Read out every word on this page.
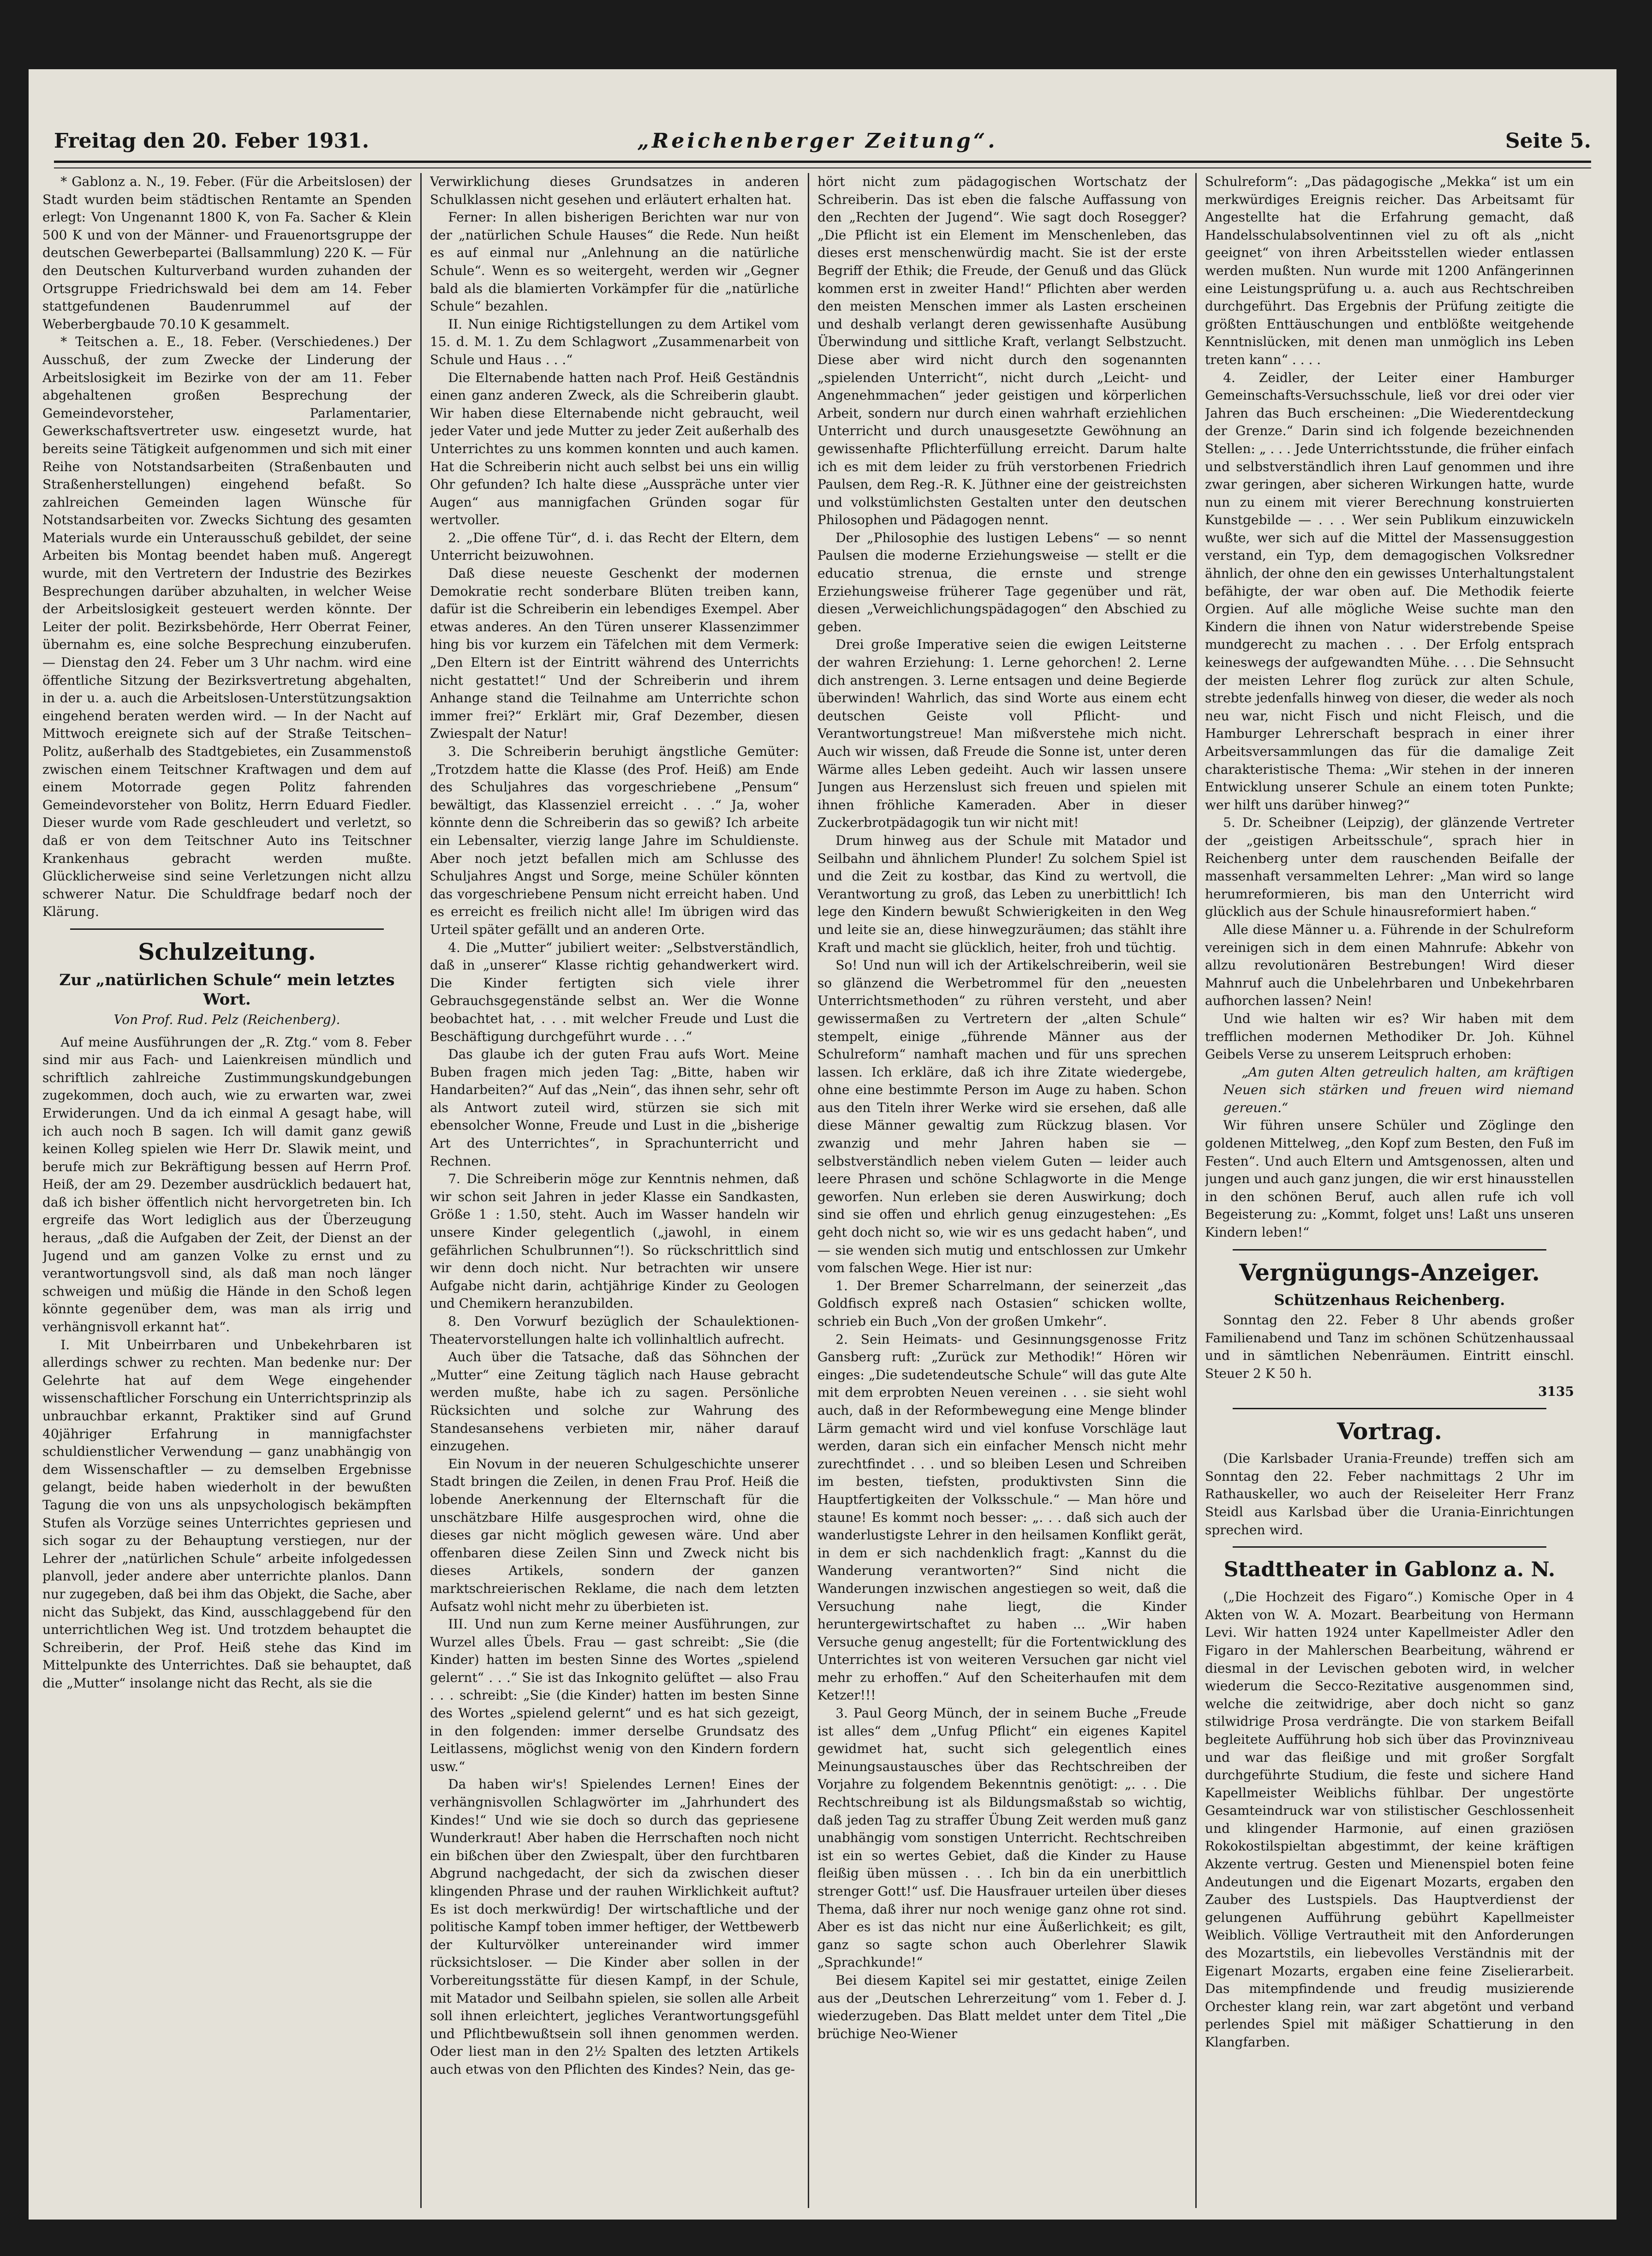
Freitag den 20. Feber 1931.	„Reichenberger Zeitung“.	Seite 5.

* Gablonz a. N., 19. Feber. (Für die Arbeitslosen) der Stadt wurden beim städtischen Rentamte an Spenden erlegt: Von Ungenannt 1800 K, von Fa. Sacher & Klein 500 K und von der Männer- und Frauenortsgruppe der deutschen Gewerbepartei (Ballsammlung) 220 K. — Für den Deutschen Kulturverband wurden zuhanden der Ortsgruppe Friedrichswald bei dem am 14. Feber stattgefundenen Baudenrummel auf der Weberbergbaude 70.10 K gesammelt.

* Teitschen a. E., 18. Feber. (Verschiedenes.) Der Ausschuß, der zum Zwecke der Linderung der Arbeitslosigkeit im Bezirke von der am 11. Feber abgehaltenen großen Besprechung der Gemeindevorsteher, Parlamentarier, Gewerkschaftsvertreter usw. eingesetzt wurde, hat bereits seine Tätigkeit aufgenommen und sich mit einer Reihe von Notstandsarbeiten (Straßenbauten und Straßenherstellungen) eingehend befaßt. So zahlreichen Gemeinden lagen Wünsche für Notstandsarbeiten vor. Zwecks Sichtung des gesamten Materials wurde ein Unterausschuß gebildet, der seine Arbeiten bis Montag beendet haben muß. Angeregt wurde, mit den Vertretern der Industrie des Bezirkes Besprechungen darüber abzuhalten, in welcher Weise der Arbeitslosigkeit gesteuert werden könnte. Der Leiter der polit. Bezirksbehörde, Herr Oberrat Feiner, übernahm es, eine solche Besprechung einzuberufen. — Dienstag den 24. Feber um 3 Uhr nachm. wird eine öffentliche Sitzung der Bezirksvertretung abgehalten, in der u. a. auch die Arbeitslosen-Unterstützungsaktion eingehend beraten werden wird. — In der Nacht auf Mittwoch ereignete sich auf der Straße Teitschen–Politz, außerhalb des Stadtgebietes, ein Zusammenstoß zwischen einem Teitschner Kraftwagen und dem auf einem Motorrade gegen Politz fahrenden Gemeindevorsteher von Bolitz, Herrn Eduard Fiedler. Dieser wurde vom Rade geschleudert und verletzt, so daß er von dem Teitschner Auto ins Teitschner Krankenhaus gebracht werden mußte. Glücklicherweise sind seine Verletzungen nicht allzu schwerer Natur. Die Schuldfrage bedarf noch der Klärung.

Schulzeitung.
Zur „natürlichen Schule“ mein letztes Wort.

Von Prof. Rud. Pelz (Reichenberg).

Auf meine Ausführungen der „R. Ztg.“ vom 8. Feber sind mir aus Fach- und Laienkreisen mündlich und schriftlich zahlreiche Zustimmungskundgebungen zugekommen, doch auch, wie zu erwarten war, zwei Erwiderungen. Und da ich einmal A gesagt habe, will ich auch noch B sagen. Ich will damit ganz gewiß keinen Kolleg spielen wie Herr Dr. Slawik meint, und berufe mich zur Bekräftigung bessen auf Herrn Prof. Heiß, der am 29. Dezember ausdrücklich bedauert hat, daß ich bisher öffentlich nicht hervorgetreten bin. Ich ergreife das Wort lediglich aus der Überzeugung heraus, „daß die Aufgaben der Zeit, der Dienst an der Jugend und am ganzen Volke zu ernst und zu verantwortungsvoll sind, als daß man noch länger schweigen und müßig die Hände in den Schoß legen könnte gegenüber dem, was man als irrig und verhängnisvoll erkannt hat“.

I. Mit Unbeirrbaren und Unbekehrbaren ist allerdings schwer zu rechten. Man bedenke nur: Der Gelehrte hat auf dem Wege eingehender wissenschaftlicher Forschung ein Unterrichtsprinzip als unbrauchbar erkannt, Praktiker sind auf Grund 40jähriger Erfahrung in mannigfachster schuldienstlicher Verwendung — ganz unabhängig von dem Wissenschaftler — zu demselben Ergebnisse gelangt, beide haben wiederholt in der bewußten Tagung die von uns als unpsychologisch bekämpften Stufen als Vorzüge seines Unterrichtes gepriesen und sich sogar zu der Behauptung verstiegen, nur der Lehrer der „natürlichen Schule“ arbeite infolgedessen planvoll, jeder andere aber unterrichte planlos. Dann nur zugegeben, daß bei ihm das Objekt, die Sache, aber nicht das Subjekt, das Kind, ausschlaggebend für den unterrichtlichen Weg ist. Und trotzdem behauptet die Schreiberin, der Prof. Heiß stehe das Kind im Mittelpunkte des Unterrichtes. Daß sie behauptet, daß die „Mutter“ insolange nicht das Recht, als sie die

Verwirklichung dieses Grundsatzes in anderen Schulklassen nicht gesehen und erläutert erhalten hat.

Ferner: In allen bisherigen Berichten war nur von der „natürlichen Schule Hauses“ die Rede. Nun heißt es auf einmal nur „Anlehnung an die natürliche Schule“. Wenn es so weitergeht, werden wir „Gegner bald als die blamierten Vorkämpfer für die „natürliche Schule“ bezahlen.

II. Nun einige Richtigstellungen zu dem Artikel vom 15. d. M. 1. Zu dem Schlagwort „Zusammenarbeit von Schule und Haus . . .“

Die Elternabende hatten nach Prof. Heiß Geständnis einen ganz anderen Zweck, als die Schreiberin glaubt. Wir haben diese Elternabende nicht gebraucht, weil jeder Vater und jede Mutter zu jeder Zeit außerhalb des Unterrichtes zu uns kommen konnten und auch kamen. Hat die Schreiberin nicht auch selbst bei uns ein willig Ohr gefunden? Ich halte diese „Ausspräche unter vier Augen“ aus mannigfachen Gründen sogar für wertvoller.

2. „Die offene Tür“, d. i. das Recht der Eltern, dem Unterricht beizuwohnen.

Daß diese neueste Geschenkt der modernen Demokratie recht sonderbare Blüten treiben kann, dafür ist die Schreiberin ein lebendiges Exempel. Aber etwas anderes. An den Türen unserer Klassenzimmer hing bis vor kurzem ein Täfelchen mit dem Vermerk: „Den Eltern ist der Eintritt während des Unterrichts nicht gestattet!“ Und der Schreiberin und ihrem Anhange stand die Teilnahme am Unterrichte schon immer frei?“ Erklärt mir, Graf Dezember, diesen Zwiespalt der Natur!

3. Die Schreiberin beruhigt ängstliche Gemüter: „Trotzdem hatte die Klasse (des Prof. Heiß) am Ende des Schuljahres das vorgeschriebene „Pensum“ bewältigt, das Klassenziel erreicht . . .“ Ja, woher könnte denn die Schreiberin das so gewiß? Ich arbeite ein Lebensalter, vierzig lange Jahre im Schuldienste. Aber noch jetzt befallen mich am Schlusse des Schuljahres Angst und Sorge, meine Schüler könnten das vorgeschriebene Pensum nicht erreicht haben. Und es erreicht es freilich nicht alle! Im übrigen wird das Urteil später gefällt und an anderen Orte.

4. Die „Mutter“ jubiliert weiter: „Selbstverständlich, daß in „unserer“ Klasse richtig gehandwerkert wird. Die Kinder fertigten sich viele ihrer Gebrauchsgegenstände selbst an. Wer die Wonne beobachtet hat, . . . mit welcher Freude und Lust die Beschäftigung durchgeführt wurde . . .“

Das glaube ich der guten Frau aufs Wort. Meine Buben fragen mich jeden Tag: „Bitte, haben wir Handarbeiten?“ Auf das „Nein“, das ihnen sehr, sehr oft als Antwort zuteil wird, stürzen sie sich mit ebensolcher Wonne, Freude und Lust in die „bisherige Art des Unterrichtes“, in Sprachunterricht und Rechnen.

7. Die Schreiberin möge zur Kenntnis nehmen, daß wir schon seit Jahren in jeder Klasse ein Sandkasten, Größe 1 : 1.50, steht. Auch im Wasser handeln wir unsere Kinder gelegentlich („jawohl, in einem gefährlichen Schulbrunnen“!). So rückschrittlich sind wir denn doch nicht. Nur betrachten wir unsere Aufgabe nicht darin, achtjährige Kinder zu Geologen und Chemikern heranzubilden.

8. Den Vorwurf bezüglich der Schaulektionen-Theatervorstellungen halte ich vollinhaltlich aufrecht.

Auch über die Tatsache, daß das Söhnchen der „Mutter“ eine Zeitung täglich nach Hause gebracht werden mußte, habe ich zu sagen. Persönliche Rücksichten und solche zur Wahrung des Standesansehens verbieten mir, näher darauf einzugehen.

Ein Novum in der neueren Schulgeschichte unserer Stadt bringen die Zeilen, in denen Frau Prof. Heiß die lobende Anerkennung der Elternschaft für die unschätzbare Hilfe ausgesprochen wird, ohne die dieses gar nicht möglich gewesen wäre. Und aber offenbaren diese Zeilen Sinn und Zweck nicht bis dieses Artikels, sondern der ganzen marktschreierischen Reklame, die nach dem letzten Aufsatz wohl nicht mehr zu überbieten ist.

III. Und nun zum Kerne meiner Ausführungen, zur Wurzel alles Übels. Frau — gast schreibt: „Sie (die Kinder) hatten im besten Sinne des Wortes „spielend gelernt“ . . .“ Sie ist das Inkognito gelüftet — also Frau . . . schreibt: „Sie (die Kinder) hatten im besten Sinne des Wortes „spielend gelernt“ und es hat sich gezeigt, in den folgenden: immer derselbe Grundsatz des Leitlassens, möglichst wenig von den Kindern fordern usw.“

Da haben wir's! Spielendes Lernen! Eines der verhängnisvollen Schlagwörter im „Jahrhundert des Kindes!“ Und wie sie doch so durch das gepriesene Wunderkraut! Aber haben die Herrschaften noch nicht ein bißchen über den Zwiespalt, über den furchtbaren Abgrund nachgedacht, der sich da zwischen dieser klingenden Phrase und der rauhen Wirklichkeit auftut? Es ist doch merkwürdig! Der wirtschaftliche und der politische Kampf toben immer heftiger, der Wettbewerb der Kulturvölker untereinander wird immer rücksichtsloser. — Die Kinder aber sollen in der Vorbereitungsstätte für diesen Kampf, in der Schule, mit Matador und Seilbahn spielen, sie sollen alle Arbeit soll ihnen erleichtert, jegliches Verantwortungsgefühl und Pflichtbewußtsein soll ihnen genommen werden. Oder liest man in den 2½ Spalten des letzten Artikels auch etwas von den Pflichten des Kindes? Nein, das ge-

hört nicht zum pädagogischen Wortschatz der Schreiberin. Das ist eben die falsche Auffassung von den „Rechten der Jugend“. Wie sagt doch Rosegger? „Die Pflicht ist ein Element im Menschenleben, das dieses erst menschenwürdig macht. Sie ist der erste Begriff der Ethik; die Freude, der Genuß und das Glück kommen erst in zweiter Hand!“ Pflichten aber werden den meisten Menschen immer als Lasten erscheinen und deshalb verlangt deren gewissenhafte Ausübung Überwindung und sittliche Kraft, verlangt Selbstzucht. Diese aber wird nicht durch den sogenannten „spielenden Unterricht“, nicht durch „Leicht- und Angenehmmachen“ jeder geistigen und körperlichen Arbeit, sondern nur durch einen wahrhaft erziehlichen Unterricht und durch unausgesetzte Gewöhnung an gewissenhafte Pflichterfüllung erreicht. Darum halte ich es mit dem leider zu früh verstorbenen Friedrich Paulsen, dem Reg.-R. K. Jüthner eine der geistreichsten und volkstümlichsten Gestalten unter den deutschen Philosophen und Pädagogen nennt.

Der „Philosophie des lustigen Lebens“ — so nennt Paulsen die moderne Erziehungsweise — stellt er die educatio strenua, die ernste und strenge Erziehungsweise früherer Tage gegenüber und rät, diesen „Verweichlichungspädagogen“ den Abschied zu geben.

Drei große Imperative seien die ewigen Leitsterne der wahren Erziehung: 1. Lerne gehorchen! 2. Lerne dich anstrengen. 3. Lerne entsagen und deine Begierde überwinden! Wahrlich, das sind Worte aus einem echt deutschen Geiste voll Pflicht- und Verantwortungstreue! Man mißverstehe mich nicht. Auch wir wissen, daß Freude die Sonne ist, unter deren Wärme alles Leben gedeiht. Auch wir lassen unsere Jungen aus Herzenslust sich freuen und spielen mit ihnen fröhliche Kameraden. Aber in dieser Zuckerbrotpädagogik tun wir nicht mit!

Drum hinweg aus der Schule mit Matador und Seilbahn und ähnlichem Plunder! Zu solchem Spiel ist und die Zeit zu kostbar, das Kind zu wertvoll, die Verantwortung zu groß, das Leben zu unerbittlich! Ich lege den Kindern bewußt Schwierigkeiten in den Weg und leite sie an, diese hinwegzuräumen; das stählt ihre Kraft und macht sie glücklich, heiter, froh und tüchtig.

So! Und nun will ich der Artikelschreiberin, weil sie so glänzend die Werbetrommel für den „neuesten Unterrichtsmethoden“ zu rühren versteht, und aber gewissermaßen zu Vertretern der „alten Schule“ stempelt, einige „führende Männer aus der Schulreform“ namhaft machen und für uns sprechen lassen. Ich erkläre, daß ich ihre Zitate wiedergebe, ohne eine bestimmte Person im Auge zu haben. Schon aus den Titeln ihrer Werke wird sie ersehen, daß alle diese Männer gewaltig zum Rückzug blasen. Vor zwanzig und mehr Jahren haben sie — selbstverständlich neben vielem Guten — leider auch leere Phrasen und schöne Schlagworte in die Menge geworfen. Nun erleben sie deren Auswirkung; doch sind sie offen und ehrlich genug einzugestehen: „Es geht doch nicht so, wie wir es uns gedacht haben“, und — sie wenden sich mutig und entschlossen zur Umkehr vom falschen Wege. Hier ist nur:

1. Der Bremer Scharrelmann, der seinerzeit „das Goldfisch expreß nach Ostasien“ schicken wollte, schrieb ein Buch „Von der großen Umkehr“.

2. Sein Heimats- und Gesinnungsgenosse Fritz Gansberg ruft: „Zurück zur Methodik!“ Hören wir einges: „Die sudetendeutsche Schule“ will das gute Alte mit dem erprobten Neuen vereinen . . . sie sieht wohl auch, daß in der Reformbewegung eine Menge blinder Lärm gemacht wird und viel konfuse Vorschläge laut werden, daran sich ein einfacher Mensch nicht mehr zurechtfindet . . . und so bleiben Lesen und Schreiben im besten, tiefsten, produktivsten Sinn die Hauptfertigkeiten der Volksschule.“ — Man höre und staune! Es kommt noch besser: „. . . daß sich auch der wanderlustigste Lehrer in den heilsamen Konflikt gerät, in dem er sich nachdenklich fragt: „Kannst du die Wanderung verantworten?“ Sind nicht die Wanderungen inzwischen angestiegen so weit, daß die Versuchung nahe liegt, die Kinder heruntergewirtschaftet zu haben ... „Wir haben Versuche genug angestellt; für die Fortentwicklung des Unterrichtes ist von weiteren Versuchen gar nicht viel mehr zu erhoffen.“ Auf den Scheiterhaufen mit dem Ketzer!!!

3. Paul Georg Münch, der in seinem Buche „Freude ist alles“ dem „Unfug Pflicht“ ein eigenes Kapitel gewidmet hat, sucht sich gelegentlich eines Meinungsaustausches über das Rechtschreiben der Vorjahre zu folgendem Bekenntnis genötigt: „. . . Die Rechtschreibung ist als Bildungsmaßstab so wichtig, daß jeden Tag zu straffer Übung Zeit werden muß ganz unabhängig vom sonstigen Unterricht. Rechtschreiben ist ein so wertes Gebiet, daß die Kinder zu Hause fleißig üben müssen . . . Ich bin da ein unerbittlich strenger Gott!“ usf. Die Hausfrauer urteilen über dieses Thema, daß ihrer nur noch wenige ganz ohne rot sind. Aber es ist das nicht nur eine Äußerlichkeit; es gilt, ganz so sagte schon auch Oberlehrer Slawik „Sprachkunde!“

Bei diesem Kapitel sei mir gestattet, einige Zeilen aus der „Deutschen Lehrerzeitung“ vom 1. Feber d. J. wiederzugeben. Das Blatt meldet unter dem Titel „Die brüchige Neo-Wiener

Schulreform“: „Das pädagogische „Mekka“ ist um ein merkwürdiges Ereignis reicher. Das Arbeitsamt für Angestellte hat die Erfahrung gemacht, daß Handelsschulabsolventinnen viel zu oft als „nicht geeignet“ von ihren Arbeitsstellen wieder entlassen werden mußten. Nun wurde mit 1200 Anfängerinnen eine Leistungsprüfung u. a. auch aus Rechtschreiben durchgeführt. Das Ergebnis der Prüfung zeitigte die größten Enttäuschungen und entblößte weitgehende Kenntnislücken, mit denen man unmöglich ins Leben treten kann“ . . . .

4. Zeidler, der Leiter einer Hamburger Gemeinschafts-Versuchsschule, ließ vor drei oder vier Jahren das Buch erscheinen: „Die Wiederentdeckung der Grenze.“ Darin sind ich folgende bezeichnenden Stellen: „ . . . Jede Unterrichtsstunde, die früher einfach und selbstverständlich ihren Lauf genommen und ihre zwar geringen, aber sicheren Wirkungen hatte, wurde nun zu einem mit vierer Berechnung konstruierten Kunstgebilde — . . . Wer sein Publikum einzuwickeln wußte, wer sich auf die Mittel der Massensuggestion verstand, ein Typ, dem demagogischen Volksredner ähnlich, der ohne den ein gewisses Unterhaltungstalent befähigte, der war oben auf. Die Methodik feierte Orgien. Auf alle mögliche Weise suchte man den Kindern die ihnen von Natur widerstrebende Speise mundgerecht zu machen . . . Der Erfolg entsprach keineswegs der aufgewandten Mühe. . . . Die Sehnsucht der meisten Lehrer flog zurück zur alten Schule, strebte jedenfalls hinweg von dieser, die weder als noch neu war, nicht Fisch und nicht Fleisch, und die Hamburger Lehrerschaft besprach in einer ihrer Arbeitsversammlungen das für die damalige Zeit charakteristische Thema: „Wir stehen in der inneren Entwicklung unserer Schule an einem toten Punkte; wer hilft uns darüber hinweg?“

5. Dr. Scheibner (Leipzig), der glänzende Vertreter der „geistigen Arbeitsschule“, sprach hier in Reichenberg unter dem rauschenden Beifalle der massenhaft versammelten Lehrer: „Man wird so lange herumreformieren, bis man den Unterricht wird glücklich aus der Schule hinausreformiert haben.“

Alle diese Männer u. a. Führende in der Schulreform vereinigen sich in dem einen Mahnrufe: Abkehr von allzu revolutionären Bestrebungen! Wird dieser Mahnruf auch die Unbelehrbaren und Unbekehrbaren aufhorchen lassen? Nein!

Und wie halten wir es? Wir haben mit dem trefflichen modernen Methodiker Dr. Joh. Kühnel Geibels Verse zu unserem Leitspruch erhoben:

„Am guten Alten getreulich halten, am kräftigen Neuen sich stärken und freuen wird niemand gereuen.“

Wir führen unsere Schüler und Zöglinge den goldenen Mittelweg, „den Kopf zum Besten, den Fuß im Festen“. Und auch Eltern und Amtsgenossen, alten und jungen und auch ganz jungen, die wir erst hinausstellen in den schönen Beruf, auch allen rufe ich voll Begeisterung zu: „Kommt, folget uns! Laßt uns unseren Kindern leben!“

Vergnügungs-Anzeiger.

Schützenhaus Reichenberg.

Sonntag den 22. Feber 8 Uhr abends großer Familienabend und Tanz im schönen Schützenhaussaal und in sämtlichen Nebenräumen. Eintritt einschl. Steuer 2 K 50 h.

3135

Vortrag.

(Die Karlsbader Urania-Freunde) treffen sich am Sonntag den 22. Feber nachmittags 2 Uhr im Rathauskeller, wo auch der Reiseleiter Herr Franz Steidl aus Karlsbad über die Urania-Einrichtungen sprechen wird.

Stadttheater in Gablonz a. N.

(„Die Hochzeit des Figaro“.) Komische Oper in 4 Akten von W. A. Mozart. Bearbeitung von Hermann Levi. Wir hatten 1924 unter Kapellmeister Adler den Figaro in der Mahlerschen Bearbeitung, während er diesmal in der Levischen geboten wird, in welcher wiederum die Secco-Rezitative ausgenommen sind, welche die zeitwidrige, aber doch nicht so ganz stilwidrige Prosa verdrängte. Die von starkem Beifall begleitete Aufführung hob sich über das Provinzniveau und war das fleißige und mit großer Sorgfalt durchgeführte Studium, die feste und sichere Hand Kapellmeister Weiblichs fühlbar. Der ungestörte Gesamteindruck war von stilistischer Geschlossenheit und klingender Harmonie, auf einen graziösen Rokokostilspieltan abgestimmt, der keine kräftigen Akzente vertrug. Gesten und Mienenspiel boten feine Andeutungen und die Eigenart Mozarts, ergaben den Zauber des Lustspiels. Das Hauptverdienst der gelungenen Aufführung gebührt Kapellmeister Weiblich. Völlige Vertrautheit mit den Anforderungen des Mozartstils, ein liebevolles Verständnis mit der Eigenart Mozarts, ergaben eine feine Ziselierarbeit. Das mitempfindende und freudig musizierende Orchester klang rein, war zart abgetönt und verband perlendes Spiel mit mäßiger Schattierung in den Klangfarben.
